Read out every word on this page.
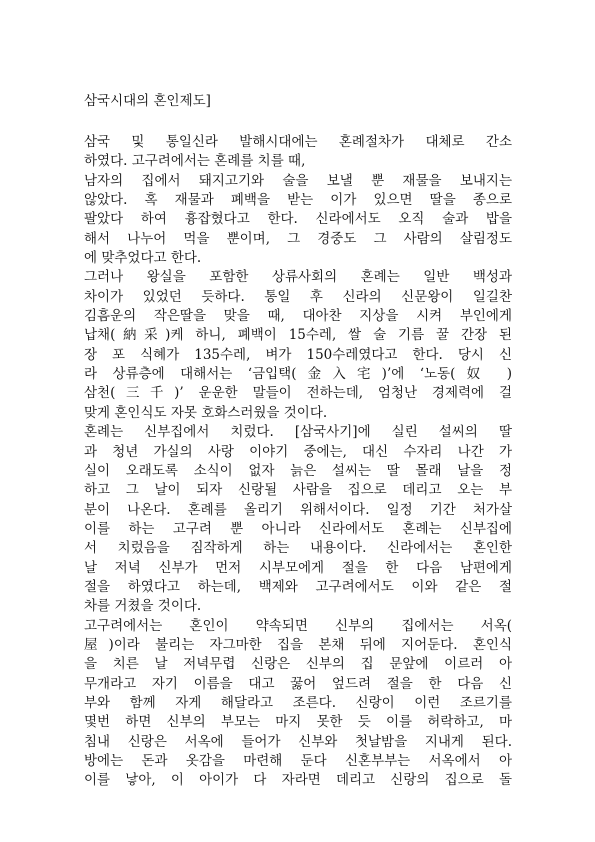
삼국시대의 혼인제도]
삼국 및 통일신라 발해시대에는 혼례절차가 대체로 간소
하였다. 고구려에서는 혼례를 치를 때,
남자의 집에서 돼지고기와 술을 보낼 뿐 재물을 보내지는
않았다. 혹 재물과 폐백을 받는 이가 있으면 딸을 종으로
팔았다 하여 흉잡혔다고 한다. 신라에서도 오직 술과 밥을
해서 나누어 먹을 뿐이며, 그 경중도 그 사람의 살림정도
에 맞추었다고 한다.
그러나 왕실을 포함한 상류사회의 혼례는 일반 백성과
차이가 있었던 듯하다. 통일 후 신라의 신문왕이 일길찬
김흠운의 작은딸을 맞을 때, 대아찬 지상을 시켜 부인에게
납채(納采)케 하니, 폐백이 15수레, 쌀 술 기름 꿀 간장 된
장 포 식혜가 135수레, 벼가 150수레였다고 한다. 당시 신
라 상류층에 대해서는 ‘금입택(金入宅)’에 ‘노동(奴 )
삼천(三千)’ 운운한 말들이 전하는데, 엄청난 경제력에 걸
맞게 혼인식도 자못 호화스러웠을 것이다.
혼례는 신부집에서 치렀다. [삼국사기]에 실린 설씨의 딸
과 청년 가실의 사랑 이야기 중에는, 대신 수자리 나간 가
실이 오래도록 소식이 없자 늙은 설씨는 딸 몰래 날을 정
하고 그 날이 되자 신랑될 사람을 집으로 데리고 오는 부
분이 나온다. 혼례를 올리기 위해서이다. 일정 기간 처가살
이를 하는 고구려 뿐 아니라 신라에서도 혼례는 신부집에
서 치렀음을 짐작하게 하는 내용이다. 신라에서는 혼인한
날 저녁 신부가 먼저 시부모에게 절을 한 다음 남편에게
절을 하였다고 하는데, 백제와 고구려에서도 이와 같은 절
차를 거쳤을 것이다.
고구려에서는 혼인이 약속되면 신부의 집에서는 서옥(
屋)이라 불리는 자그마한 집을 본채 뒤에 지어둔다. 혼인식
을 치른 날 저녁무렵 신랑은 신부의 집 문앞에 이르러 아
무개라고 자기 이름을 대고 꿇어 엎드려 절을 한 다음 신
부와 함께 자게 해달라고 조른다. 신랑이 이런 조르기를
몇번 하면 신부의 부모는 마지 못한 듯 이를 허락하고, 마
침내 신랑은 서옥에 들어가 신부와 첫날밤을 지내게 된다.
방에는 돈과 옷감을 마련해 둔다 신혼부부는 서옥에서 아
이를 낳아, 이 아이가 다 자라면 데리고 신랑의 집으로 돌
